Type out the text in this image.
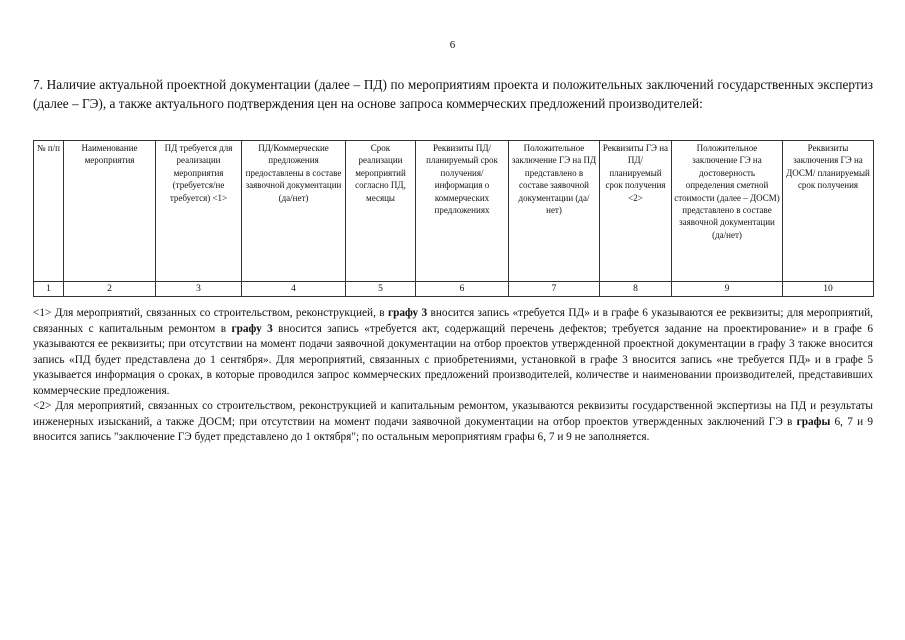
6
7. Наличие актуальной проектной документации (далее – ПД) по мероприятиям проекта и положительных заключений государственных экспертиз (далее – ГЭ), а также актуального подтверждения цен на основе запроса коммерческих предложений производителей:
№ п/п	Наименование мероприятия	ПД требуется для реализации мероприятия (требуется/не требуется) <1>	ПД/Коммерческие предложения предоставлены в составе заявочной документации (да/нет)	Срок реализации мероприятий согласно ПД, месяцы	Реквизиты ПД/ планируемый срок получения/ информация о коммерческих предложениях	Положительное заключение ГЭ на ПД представлено в составе заявочной документации (да/нет)	Реквизиты ГЭ на ПД/ планируемый срок получения <2>	Положительное заключение ГЭ на достоверность определения сметной стоимости (далее – ДОСМ) представлено в составе заявочной документации (да/нет)	Реквизиты заключения ГЭ на ДОСМ/ планируемый срок получения
1	2	3	4	5	6	7	8	9	10

<1> Для мероприятий, связанных со строительством, реконструкцией, в графу 3 вносится запись «требуется ПД» и в графе 6 указываются ее реквизиты; для мероприятий, связанных с капитальным ремонтом в графу 3 вносится запись «требуется акт, содержащий перечень дефектов; требуется задание на проектирование» и в графе 6 указываются ее реквизиты; при отсутствии на момент подачи заявочной документации на отбор проектов утвержденной проектной документации в графу 3 также вносится запись «ПД будет представлена до 1 сентября». Для мероприятий, связанных с приобретениями, установкой в графе 3 вносится запись «не требуется ПД» и в графе 5 указывается информация о сроках, в которые проводился запрос коммерческих предложений производителей, количестве и наименовании производителей, представивших коммерческие предложения.

<2> Для мероприятий, связанных со строительством, реконструкцией и капитальным ремонтом, указываются реквизиты государственной экспертизы на ПД и результаты инженерных изысканий, а также ДОСМ; при отсутствии на момент подачи заявочной документации на отбор проектов утвержденных заключений ГЭ в графы 6, 7 и 9 вносится запись "заключение ГЭ будет представлено до 1 октября"; по остальным мероприятиям графы 6, 7 и 9 не заполняется.
